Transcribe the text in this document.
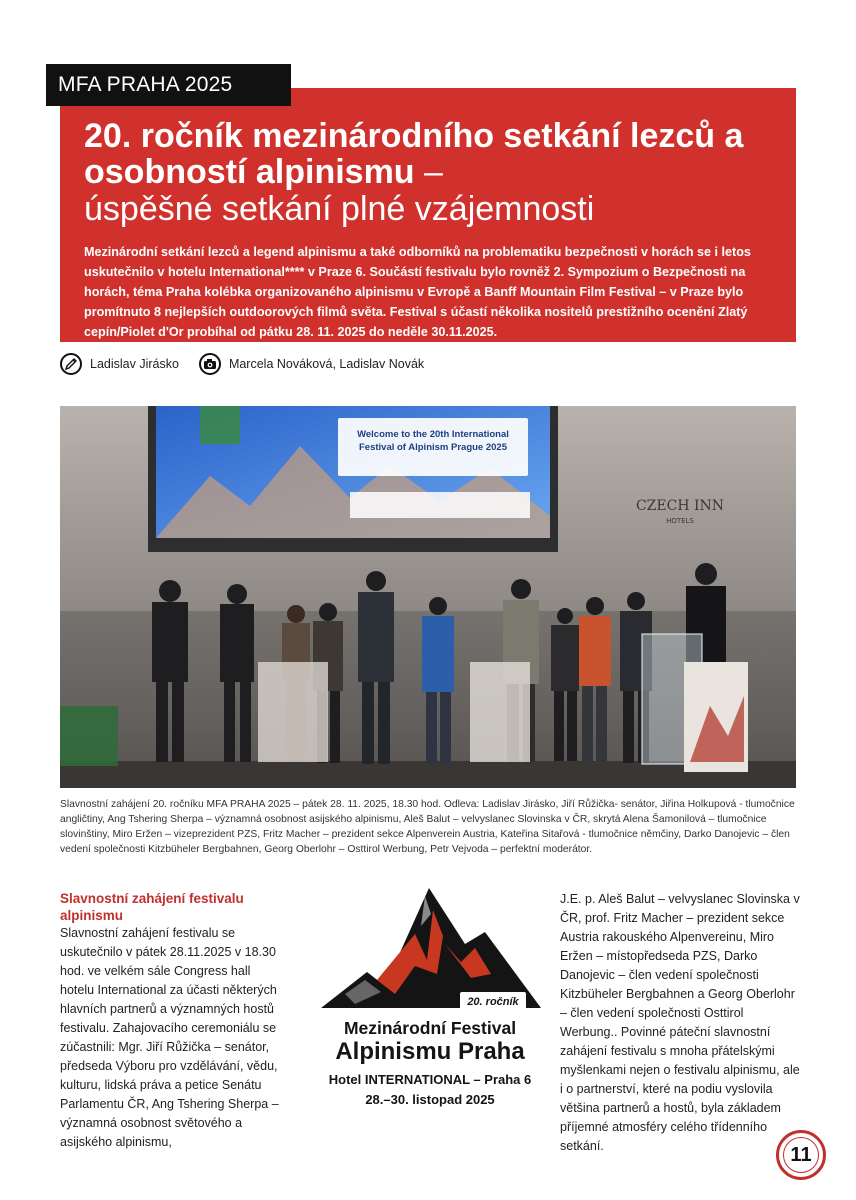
MFA PRAHA 2025
20. ročník mezinárodního setkání lezců a osobností alpinismu –
úspěšné setkání plné vzájemnosti

Mezinárodní setkání lezců a legend alpinismu a také odborníků na problematiku bezpečnosti v horách se i letos uskutečnilo v hotelu International**** v Praze 6. Součástí festivalu bylo rovněž 2. Sympozium o Bezpečnosti na horách, téma Praha kolébka organizovaného alpinismu v Evropě a Banff Mountain Film Festival – v Praze bylo promítnuto 8 nejlepších outdoorových filmů světa. Festival s účastí několika nositelů prestižního ocenění Zlatý cepín/Piolet d'Or probíhal od pátku 28. 11. 2025 do neděle 30.11.2025.

Ladislav Jirásko	Marcela Nováková, Ladislav Novák
Welcome to the 20th International
Festival of Alpinism Prague 2025
CZECH INN
HOTELS
Slavnostní zahájení 20. ročníku MFA PRAHA 2025 – pátek 28. 11. 2025, 18.30 hod. Odleva: Ladislav Jirásko, Jiří Růžička- senátor, Jiřina Holkupová - tlumočnice angličtiny, Ang Tshering Sherpa – významná osobnost asijského alpinismu, Aleš Balut – velvyslanec Slovinska v ČR, skrytá Alena Šamonilová – tlumočnice slovinštiny, Miro Eržen – vizeprezident PZS, Fritz Macher – prezident sekce Alpenverein Austria, Kateřina Sitařová - tlumočnice němčiny, Darko Danojevic – člen vedení společnosti Kitzbüheler Bergbahnen, Georg Oberlohr – Osttirol Werbung, Petr Vejvoda – perfektní moderátor.
Slavnostní zahájení festivalu alpinismu
Slavnostní zahájení festivalu se uskutečnilo v pátek 28.11.2025 v 18.30 hod. ve velkém sále Congress hall hotelu International za účasti některých hlavních partnerů a významných hostů festivalu. Zahajovacího ceremoniálu se zúčastnili: Mgr. Jiří Růžička – senátor, předseda Výboru pro vzdělávání, vědu, kulturu, lidská práva a petice Senátu Parlamentu ČR, Ang Tshering Sherpa – významná osobnost světového a asijského alpinismu,
20. ročník
Mezinárodní Festival
Alpinismu Praha
Hotel INTERNATIONAL – Praha 6
28.–30. listopad 2025
J.E. p. Aleš Balut – velvyslanec Slovinska v ČR, prof. Fritz Macher – prezident sekce Austria rakouského Alpenvereinu, Miro Eržen – místopředseda PZS, Darko Danojevic – člen vedení společnosti Kitzbüheler Bergbahnen a Georg Oberlohr – člen vedení společnosti Osttirol Werbung.. Povinné páteční slavnostní zahájení festivalu s mnoha přátelskými myšlenkami nejen o festivalu alpinismu, ale i o partnerství, které na podiu vyslovila většina partnerů a hostů, byla základem příjemné atmosféry celého třídenního setkání.	11
